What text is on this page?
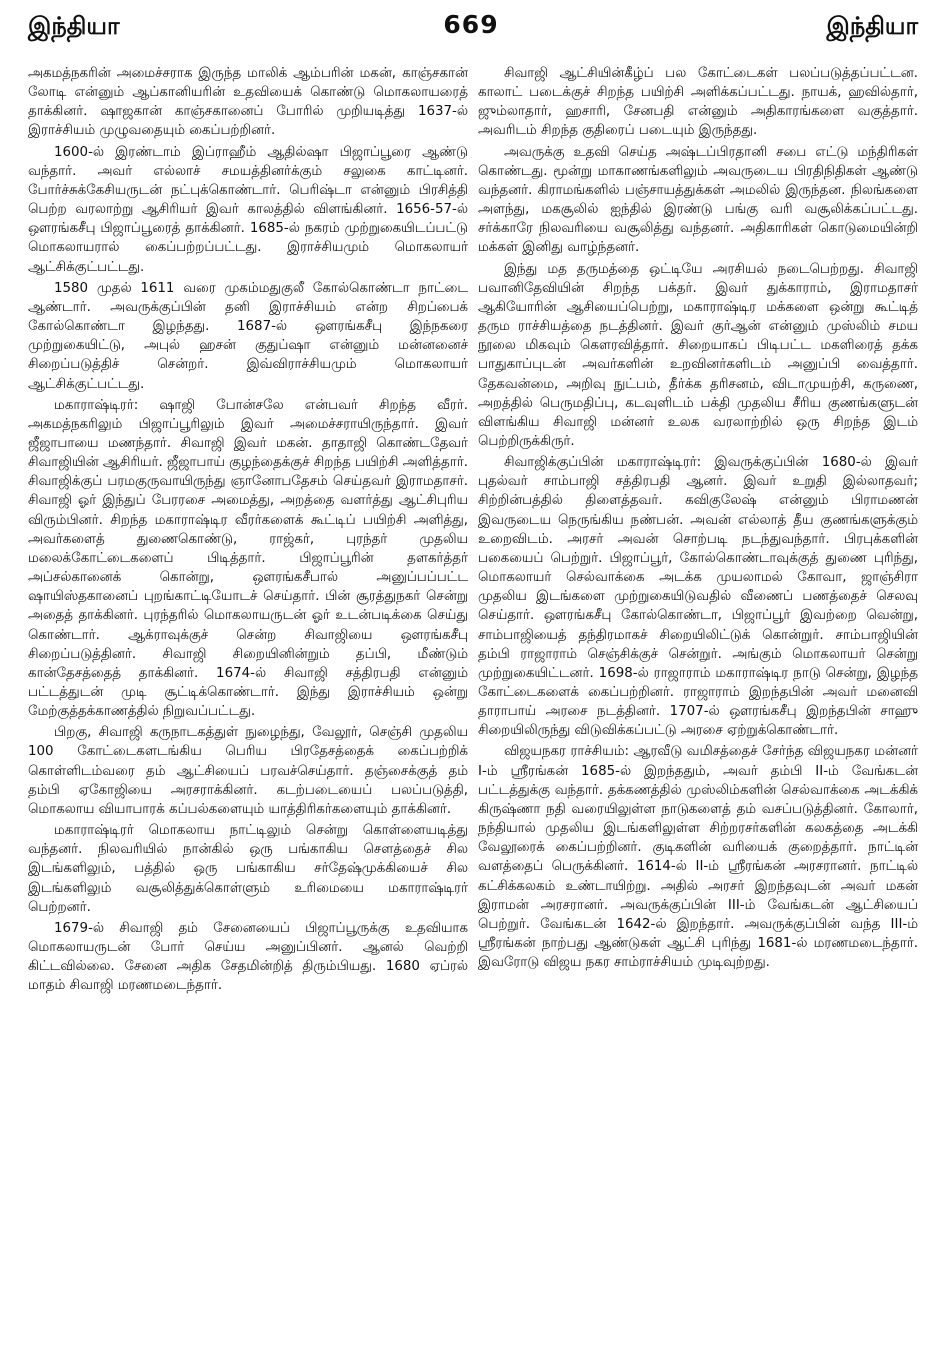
இந்தியா	669	இந்தியா

அகமத்நகரின் அமைச்சராக இருந்த மாலிக் ஆம்பரின் மகன், காஞ்சகான் லோடி என்னும் ஆப்கானியரின் உதவியைக் கொண்டு மொகலாயரைத் தாக்கினர். ஷாஜகான் காஞ்சகானைப் போரில் முறியடித்து 1637-ல் இராச்சியம் முழுவதையும் கைப்பற்றினர்.

1600-ல் இரண்டாம் இப்ராஹீம் ஆதில்ஷா பிஜாப்பூரை ஆண்டு வந்தார். அவர் எல்லாச் சமயத்தினர்க்கும் சலுகை காட்டினர். போர்ச்சுக்கேசியருடன் நட்புக்கொண்டார். பெரிஷ்டா என்னும் பிரசித்தி பெற்ற வரலாற்று ஆசிரியர் இவர் காலத்தில் விளங்கினர். 1656-57-ல் ஔரங்கசீபு பிஜாப்பூரைத் தாக்கினர். 1685-ல் நகரம் முற்றுகையிடப்பட்டு மொகலாயரால் கைப்பற்றப்பட்டது. இராச்சியமும் மொகலாயர் ஆட்சிக்குட்பட்டது.

1580 முதல் 1611 வரை முகம்மதுகுலீ கோல்கொண்டா நாட்டை ஆண்டார். அவருக்குப்பின் தனி இராச்சியம் என்ற சிறப்பைக் கோல்கொண்டா இழந்தது. 1687-ல் ஔரங்கசீபு இந்நகரை முற்றுகையிட்டு, அபுல் ஹசன் குதுப்ஷா என்னும் மன்னனைச் சிறைப்படுத்திச் சென்றர். இவ்விராச்சியமும் மொகலாயர் ஆட்சிக்குட்பட்டது.

மகாராஷ்டிரர்: ஷாஜி போன்சலே என்பவர் சிறந்த வீரர். அகமத்நகரிலும் பிஜாப்பூரிலும் இவர் அமைச்சராயிருந்தார். இவர் ஜீஜாபாயை மணந்தார். சிவாஜி இவர் மகன். தாதாஜி கொண்டதேவர் சிவாஜியின் ஆசிரியர். ஜீஜாபாய் குழந்தைக்குச் சிறந்த பயிற்சி அளித்தார். சிவாஜிக்குப் பரமகுருவாயிருந்து ஞானோபதேசம் செய்தவர் இராமதாசர். சிவாஜி ஓர் இந்துப் பேரரசை அமைத்து, அறத்தை வளர்த்து ஆட்சிபுரிய விரும்பினர். சிறந்த மகாராஷ்டிர வீரர்களைக் கூட்டிப் பயிற்சி அளித்து, அவர்களைத் துணைகொண்டு, ராஜ்கர், புரந்தர் முதலிய மலைக்கோட்டைகளைப் பிடித்தார். பிஜாப்பூரின் தளகர்த்தர் அப்சல்கானைக் கொன்று, ஔரங்கசீபால் அனுப்பப்பட்ட ஷாயிஸ்தகானைப் புறங்காட்டியோடச் செய்தார். பின் சூரத்துநகர் சென்று அதைத் தாக்கினர். புரந்தரில் மொகலாயருடன் ஓர் உடன்படிக்கை செய்து கொண்டார். ஆக்ராவுக்குச் சென்ற சிவாஜியை ஔரங்கசீபு சிறைப்படுத்தினர். சிவாஜி சிறையினின்றும் தப்பி, மீண்டும் கான்தேசத்தைத் தாக்கினர். 1674-ல் சிவாஜி சத்திரபதி என்னும் பட்டத்துடன் முடி சூட்டிக்கொண்டார். இந்து இராச்சியம் ஒன்று மேற்குத்தக்காணத்தில் நிறுவப்பட்டது.

பிறகு, சிவாஜி கருநாடகத்துள் நுழைந்து, வேலூர், செஞ்சி முதலிய 100 கோட்டைகளடங்கிய பெரிய பிரதேசத்தைக் கைப்பற்றிக் கொள்ளிடம்வரை தம் ஆட்சியைப் பரவச்செய்தார். தஞ்சைக்குத் தம் தம்பி ஏகோஜியை அரசராக்கினர். கடற்படையைப் பலப்படுத்தி, மொகலாய வியாபாரக் கப்பல்களையும் யாத்திரிகர்களையும் தாக்கினர்.

மகாராஷ்டிரர் மொகலாய நாட்டிலும் சென்று கொள்ளையடித்து வந்தனர். நிலவரியில் நான்கில் ஒரு பங்காகிய சௌத்தைச் சில இடங்களிலும், பத்தில் ஒரு பங்காகிய சர்தேஷ்முக்கியைச் சில இடங்களிலும் வசூலித்துக்கொள்ளும் உரிமையை மகாராஷ்டிரர் பெற்றனர்.

1679-ல் சிவாஜி தம் சேனையைப் பிஜாப்பூருக்கு உதவியாக மொகலாயருடன் போர் செய்ய அனுப்பினர். ஆனல் வெற்றி கிட்டவில்லை. சேனை அதிக சேதமின்றித் திரும்பியது. 1680 ஏப்ரல் மாதம் சிவாஜி மரணமடைந்தார்.

சிவாஜி ஆட்சியின்கீழ்ப் பல கோட்டைகள் பலப்படுத்தப்பட்டன. காலாட் படைக்குச் சிறந்த பயிற்சி அளிக்கப்பட்டது. நாயக், ஹவில்தார், ஜும்லாதார், ஹசாரி, சேனபதி என்னும் அதிகாரங்களை வகுத்தார். அவரிடம் சிறந்த குதிரைப் படையும் இருந்தது.

அவருக்கு உதவி செய்த அஷ்டப்பிரதானி சபை எட்டு மந்திரிகள் கொண்டது. மூன்று மாகாணங்களிலும் அவருடைய பிரதிநிதிகள் ஆண்டு வந்தனர். கிராமங்களில் பஞ்சாயத்துக்கள் அமலில் இருந்தன. நிலங்களை அளந்து, மகசூலில் ஐந்தில் இரண்டு பங்கு வரி வசூலிக்கப்பட்டது. சர்க்காரே நிலவரியை வசூலித்து வந்தனர். அதிகாரிகள் கொடுமையின்றி மக்கள் இனிது வாழ்ந்தனர்.

இந்து மத தருமத்தை ஒட்டியே அரசியல் நடைபெற்றது. சிவாஜி பவானிதேவியின் சிறந்த பக்தர். இவர் துக்காராம், இராமதாசர் ஆகியோரின் ஆசியைப்பெற்று, மகாராஷ்டிர மக்களை ஒன்று கூட்டித் தரும ராச்சியத்தை நடத்தினர். இவர் குர்ஆன் என்னும் முஸ்லிம் சமய நூலை மிகவும் கௌரவித்தார். சிறையாகப் பிடிபட்ட மகளிரைத் தக்க பாதுகாப்புடன் அவர்களின் உறவினர்களிடம் அனுப்பி வைத்தார். தேகவன்மை, அறிவு நுட்பம், தீர்க்க தரிசனம், விடாமுயற்சி, கருணை, அறத்தில் பெருமதிப்பு, கடவுளிடம் பக்தி முதலிய சீரிய குணங்களுடன் விளங்கிய சிவாஜி மன்னர் உலக வரலாற்றில் ஒரு சிறந்த இடம் பெற்றிருக்கிருர்.

சிவாஜிக்குப்பின் மகாராஷ்டிரர்: இவருக்குப்பின் 1680-ல் இவர் புதல்வர் சாம்பாஜி சத்திரபதி ஆனர். இவர் உறுதி இல்லாதவர்; சிற்றின்பத்தில் திளைத்தவர். கவிகுலேஷ் என்னும் பிராமணன் இவருடைய நெருங்கிய நண்பன். அவன் எல்லாத் தீய குணங்களுக்கும் உறைவிடம். அரசர் அவன் சொற்படி நடந்துவந்தார். பிரபுக்களின் பகையைப் பெற்றுர். பிஜாப்பூர், கோல்கொண்டாவுக்குத் துணை புரிந்து, மொகலாயர் செல்வாக்கை அடக்க முயலாமல் கோவா, ஜாஞ்சிரா முதலிய இடங்களை முற்றுகையிடுவதில் வீணைப் பணத்தைச் செலவு செய்தார். ஔரங்கசீபு கோல்கொண்டா, பிஜாப்பூர் இவற்றை வென்று, சாம்பாஜியைத் தந்திரமாகச் சிறையிலிட்டுக் கொன்றுர். சாம்பாஜியின் தம்பி ராஜாராம் செஞ்சிக்குச் சென்றுர். அங்கும் மொகலாயர் சென்று முற்றுகையிட்டனர். 1698-ல் ராஜாராம் மகாராஷ்டிர நாடு சென்று, இழந்த கோட்டைகளைக் கைப்பற்றினர். ராஜாராம் இறந்தபின் அவர் மனைவி தாராபாய் அரசை நடத்தினர். 1707-ல் ஔரங்கசீபு இறந்தபின் சாஹு சிறையிலிருந்து விடுவிக்கப்பட்டு அரசை ஏற்றுக்கொண்டார்.

விஜயநகர ராச்சியம்: ஆரவீடு வமிசத்தைச் சேர்ந்த விஜயநகர மன்னர் I-ம் ஸ்ரீரங்கன் 1685-ல் இறந்ததும், அவர் தம்பி II-ம் வேங்கடன் பட்டத்துக்கு வந்தார். தக்கணத்தில் முஸ்லிம்களின் செல்வாக்கை அடக்கிக் கிருஷ்ணா நதி வரையிலுள்ள நாடுகளைத் தம் வசப்படுத்தினர். கோலார், நந்தியால் முதலிய இடங்களிலுள்ள சிற்றரசர்களின் கலகத்தை அடக்கி வேலூரைக் கைப்பற்றினர். குடிகளின் வரியைக் குறைத்தார். நாட்டின் வளத்தைப் பெருக்கினர். 1614-ல் II-ம் ஸ்ரீரங்கன் அரசரானர். நாட்டில் கட்சிக்கலகம் உண்டாயிற்று. அதில் அரசர் இறந்தவுடன் அவர் மகன் இராமன் அரசரானர். அவருக்குப்பின் III-ம் வேங்கடன் ஆட்சியைப் பெற்றுர். வேங்கடன் 1642-ல் இறந்தார். அவருக்குப்பின் வந்த III-ம் ஸ்ரீரங்கன் நாற்பது ஆண்டுகள் ஆட்சி புரிந்து 1681-ல் மரணமடைந்தார். இவரோடு விஜய நகர சாம்ராச்சியம் முடிவுற்றது.
